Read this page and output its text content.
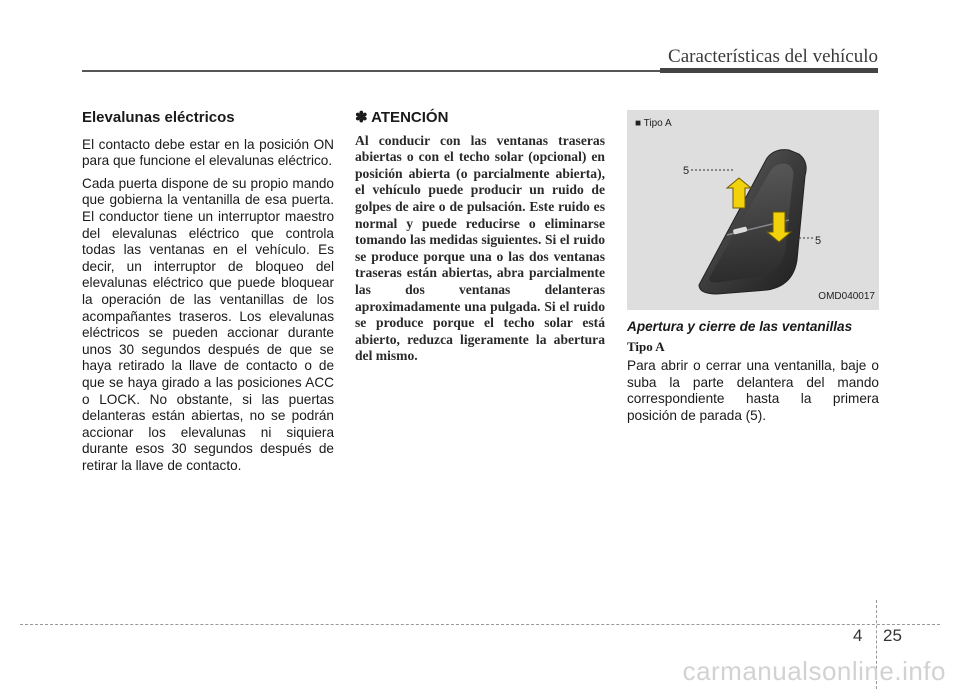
Características del vehículo
Elevalunas eléctricos

El contacto debe estar en la posición ON para que funcione el elevalunas eléctrico.

Cada puerta dispone de su propio mando que gobierna la ventanilla de esa puerta. El conductor tiene un interruptor maestro del elevalunas eléctrico que controla todas las ventanas en el vehículo. Es decir, un interruptor de bloqueo del elevalunas eléctrico que puede bloquear la operación de las ventanillas de los acompañantes traseros. Los elevalunas eléctricos se pueden accionar durante unos 30 segundos después de que se haya retirado la llave de contacto o de que se haya girado a las posiciones ACC o LOCK. No obstante, si las puertas delanteras están abiertas, no se podrán accionar los elevalunas ni siquiera durante esos 30 segundos después de retirar la llave de contacto.

✽ ATENCIÓN
Al conducir con las ventanas traseras abiertas o con el techo solar (opcional) en posición abierta (o parcialmente abierta), el vehículo puede producir un ruido de golpes de aire o de pulsación. Este ruido es normal y puede reducirse o eliminarse tomando las medidas siguientes. Si el ruido se produce porque una o las dos ventanas traseras están abiertas, abra parcialmente las dos ventanas delanteras aproximadamente una pulgada. Si el ruido se produce porque el techo solar está abierto, reduzca ligeramente la abertura del mismo.
■ Tipo A
5
5
OMD040017
Apertura y cierre de las ventanillas
Tipo A

Para abrir o cerrar una ventanilla, baje o suba la parte delantera del mando correspondiente hasta la primera posición de parada (5).

4 25
carmanualsonline.info
